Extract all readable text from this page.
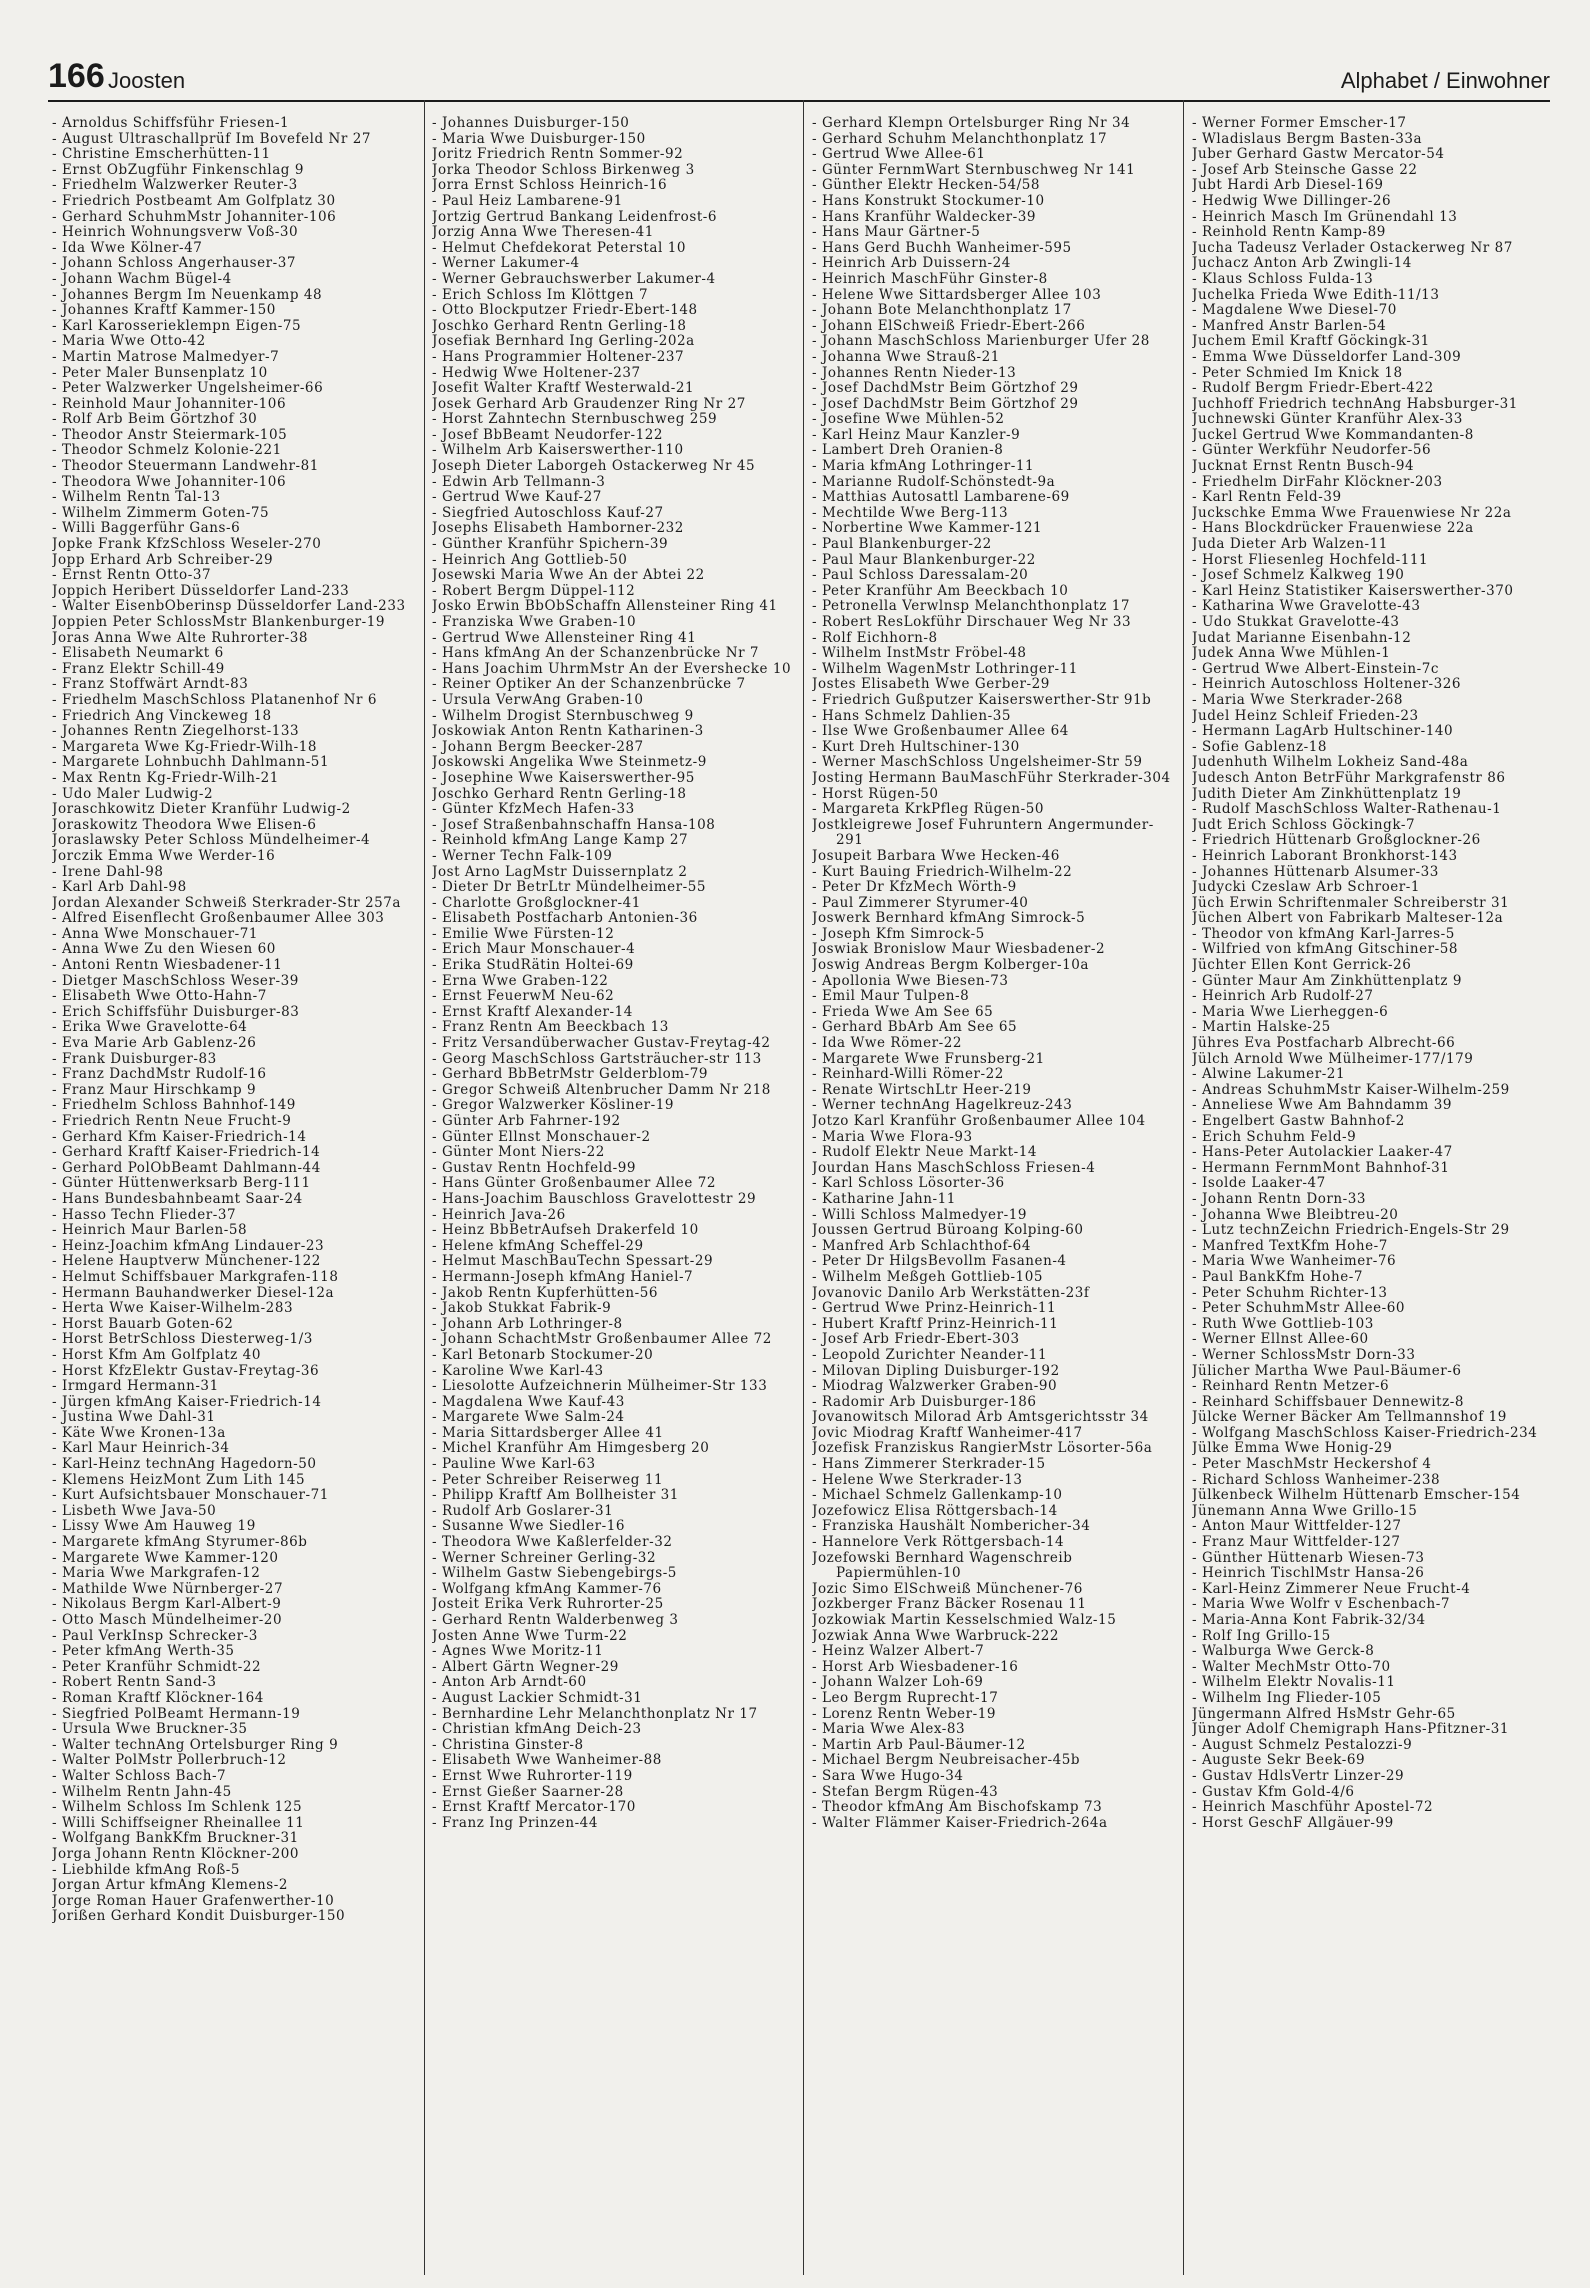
166 Joosten	Alphabet / Einwohner
- Arnoldus Schiffsführ Friesen-1
- August Ultraschallprüf Im Bovefeld Nr 27
- Christine Emscherhütten-11
- Ernst ObZugführ Finkenschlag 9
- Friedhelm Walzwerker Reuter-3
- Friedrich Postbeamt Am Golfplatz 30
- Gerhard SchuhmMstr Johanniter-106
- Heinrich Wohnungsverw Voß-30
- Ida Wwe Kölner-47
- Johann Schloss Angerhauser-37
- Johann Wachm Bügel-4
- Johannes Bergm Im Neuenkamp 48
- Johannes Kraftf Kammer-150
- Karl Karosserieklempn Eigen-75
- Maria Wwe Otto-42
- Martin Matrose Malmedyer-7
- Peter Maler Bunsenplatz 10
- Peter Walzwerker Ungelsheimer-66
- Reinhold Maur Johanniter-106
- Rolf Arb Beim Görtzhof 30
- Theodor Anstr Steiermark-105
- Theodor Schmelz Kolonie-221
- Theodor Steuermann Landwehr-81
- Theodora Wwe Johanniter-106
- Wilhelm Rentn Tal-13
- Wilhelm Zimmerm Goten-75
- Willi Baggerführ Gans-6
Jopke Frank KfzSchloss Weseler-270
Jopp Erhard Arb Schreiber-29
- Ernst Rentn Otto-37
Joppich Heribert Düsseldorfer Land-233
- Walter EisenbOberinsp Düsseldorfer Land-233
Joppien Peter SchlossMstr Blankenburger-19
Joras Anna Wwe Alte Ruhrorter-38
- Elisabeth Neumarkt 6
- Franz Elektr Schill-49
- Franz Stoffwärt Arndt-83
- Friedhelm MaschSchloss Platanenhof Nr 6
- Friedrich Ang Vinckeweg 18
- Johannes Rentn Ziegelhorst-133
- Margareta Wwe Kg-Friedr-Wilh-18
- Margarete Lohnbuchh Dahlmann-51
- Max Rentn Kg-Friedr-Wilh-21
- Udo Maler Ludwig-2
Joraschkowitz Dieter Kranführ Ludwig-2
Joraskowitz Theodora Wwe Elisen-6
Joraslawsky Peter Schloss Mündelheimer-4
Jorczik Emma Wwe Werder-16
- Irene Dahl-98
- Karl Arb Dahl-98
Jordan Alexander Schweiß Sterkrader-Str 257a
- Alfred Eisenflecht Großenbaumer Allee 303
- Anna Wwe Monschauer-71
- Anna Wwe Zu den Wiesen 60
- Antoni Rentn Wiesbadener-11
- Dietger MaschSchloss Weser-39
- Elisabeth Wwe Otto-Hahn-7
- Erich Schiffsführ Duisburger-83
- Erika Wwe Gravelotte-64
- Eva Marie Arb Gablenz-26
- Frank Duisburger-83
- Franz DachdMstr Rudolf-16
- Franz Maur Hirschkamp 9
- Friedhelm Schloss Bahnhof-149
- Friedrich Rentn Neue Frucht-9
- Gerhard Kfm Kaiser-Friedrich-14
- Gerhard Kraftf Kaiser-Friedrich-14
- Gerhard PolObBeamt Dahlmann-44
- Günter Hüttenwerksarb Berg-111
- Hans Bundesbahnbeamt Saar-24
- Hasso Techn Flieder-37
- Heinrich Maur Barlen-58
- Heinz-Joachim kfmAng Lindauer-23
- Helene Hauptverw Münchener-122
- Helmut Schiffsbauer Markgrafen-118
- Hermann Bauhandwerker Diesel-12a
- Herta Wwe Kaiser-Wilhelm-283
- Horst Bauarb Goten-62
- Horst BetrSchloss Diesterweg-1/3
- Horst Kfm Am Golfplatz 40
- Horst KfzElektr Gustav-Freytag-36
- Irmgard Hermann-31
- Jürgen kfmAng Kaiser-Friedrich-14
- Justina Wwe Dahl-31
- Käte Wwe Kronen-13a
- Karl Maur Heinrich-34
- Karl-Heinz technAng Hagedorn-50
- Klemens HeizMont Zum Lith 145
- Kurt Aufsichtsbauer Monschauer-71
- Lisbeth Wwe Java-50
- Lissy Wwe Am Hauweg 19
- Margarete kfmAng Styrumer-86b
- Margarete Wwe Kammer-120
- Maria Wwe Markgrafen-12
- Mathilde Wwe Nürnberger-27
- Nikolaus Bergm Karl-Albert-9
- Otto Masch Mündelheimer-20
- Paul VerkInsp Schrecker-3
- Peter kfmAng Werth-35
- Peter Kranführ Schmidt-22
- Robert Rentn Sand-3
- Roman Kraftf Klöckner-164
- Siegfried PolBeamt Hermann-19
- Ursula Wwe Bruckner-35
- Walter technAng Ortelsburger Ring 9
- Walter PolMstr Pollerbruch-12
- Walter Schloss Bach-7
- Wilhelm Rentn Jahn-45
- Wilhelm Schloss Im Schlenk 125
- Willi Schiffseigner Rheinallee 11
- Wolfgang BankKfm Bruckner-31
Jorga Johann Rentn Klöckner-200
- Liebhilde kfmAng Roß-5
Jorgan Artur kfmAng Klemens-2
Jorge Roman Hauer Grafenwerther-10
Jorißen Gerhard Kondit Duisburger-150
- Johannes Duisburger-150
- Maria Wwe Duisburger-150
Joritz Friedrich Rentn Sommer-92
Jorka Theodor Schloss Birkenweg 3
Jorra Ernst Schloss Heinrich-16
- Paul Heiz Lambarene-91
Jortzig Gertrud Bankang Leidenfrost-6
Jorzig Anna Wwe Theresen-41
- Helmut Chefdekorat Peterstal 10
- Werner Lakumer-4
- Werner Gebrauchswerber Lakumer-4
- Erich Schloss Im Klöttgen 7
- Otto Blockputzer Friedr-Ebert-148
Joschko Gerhard Rentn Gerling-18
Josefiak Bernhard Ing Gerling-202a
- Hans Programmier Holtener-237
- Hedwig Wwe Holtener-237
Josefit Walter Kraftf Westerwald-21
Josek Gerhard Arb Graudenzer Ring Nr 27
- Horst Zahntechn Sternbuschweg 259
- Josef BbBeamt Neudorfer-122
- Wilhelm Arb Kaiserswerther-110
Joseph Dieter Laborgeh Ostackerweg Nr 45
- Edwin Arb Tellmann-3
- Gertrud Wwe Kauf-27
- Siegfried Autoschloss Kauf-27
Josephs Elisabeth Hamborner-232
- Günther Kranführ Spichern-39
- Heinrich Ang Gottlieb-50
Josewski Maria Wwe An der Abtei 22
- Robert Bergm Düppel-112
Josko Erwin BbObSchaffn Allensteiner Ring 41
- Franziska Wwe Graben-10
- Gertrud Wwe Allensteiner Ring 41
- Hans kfmAng An der Schanzenbrücke Nr 7
- Hans Joachim UhrmMstr An der Evershecke 10
- Reiner Optiker An der Schanzenbrücke 7
- Ursula VerwAng Graben-10
- Wilhelm Drogist Sternbuschweg 9
Joskowiak Anton Rentn Katharinen-3
- Johann Bergm Beecker-287
Joskowski Angelika Wwe Steinmetz-9
- Josephine Wwe Kaiserswerther-95
Joschko Gerhard Rentn Gerling-18
- Günter KfzMech Hafen-33
- Josef Straßenbahnschaffn Hansa-108
- Reinhold kfmAng Lange Kamp 27
- Werner Techn Falk-109
Jost Arno LagMstr Duissernplatz 2
- Dieter Dr BetrLtr Mündelheimer-55
- Charlotte Großglockner-41
- Elisabeth Postfacharb Antonien-36
- Emilie Wwe Fürsten-12
- Erich Maur Monschauer-4
- Erika StudRätin Holtei-69
- Erna Wwe Graben-122
- Ernst FeuerwM Neu-62
- Ernst Kraftf Alexander-14
- Franz Rentn Am Beeckbach 13
- Fritz Versandüberwacher Gustav-Freytag-42
- Georg MaschSchloss Gartsträucher-str 113
- Gerhard BbBetrMstr Gelderblom-79
- Gregor Schweiß Altenbrucher Damm Nr 218
- Gregor Walzwerker Kösliner-19
- Günter Arb Fahrner-192
- Günter Ellnst Monschauer-2
- Günter Mont Niers-22
- Gustav Rentn Hochfeld-99
- Hans Günter Großenbaumer Allee 72
- Hans-Joachim Bauschloss Gravelottestr 29
- Heinrich Java-26
- Heinz BbBetrAufseh Drakerfeld 10
- Helene kfmAng Scheffel-29
- Helmut MaschBauTechn Spessart-29
- Hermann-Joseph kfmAng Haniel-7
- Jakob Rentn Kupferhütten-56
- Jakob Stukkat Fabrik-9
- Johann Arb Lothringer-8
- Johann SchachtMstr Großenbaumer Allee 72
- Karl Betonarb Stockumer-20
- Karoline Wwe Karl-43
- Liesolotte Aufzeichnerin Mülheimer-Str 133
- Magdalena Wwe Kauf-43
- Margarete Wwe Salm-24
- Maria Sittardsberger Allee 41
- Michel Kranführ Am Himgesberg 20
- Pauline Wwe Karl-63
- Peter Schreiber Reiserweg 11
- Philipp Kraftf Am Bollheister 31
- Rudolf Arb Goslarer-31
- Susanne Wwe Siedler-16
- Theodora Wwe Kaßlerfelder-32
- Werner Schreiner Gerling-32
- Wilhelm Gastw Siebengebirgs-5
- Wolfgang kfmAng Kammer-76
Josteit Erika Verk Ruhrorter-25
- Gerhard Rentn Walderbenweg 3
Josten Anne Wwe Turm-22
- Agnes Wwe Moritz-11
- Albert Gärtn Wegner-29
- Anton Arb Arndt-60
- August Lackier Schmidt-31
- Bernhardine Lehr Melanchthonplatz Nr 17
- Christian kfmAng Deich-23
- Christina Ginster-8
- Elisabeth Wwe Wanheimer-88
- Ernst Wwe Ruhrorter-119
- Ernst Gießer Saarner-28
- Ernst Kraftf Mercator-170
- Franz Ing Prinzen-44
- Gerhard Klempn Ortelsburger Ring Nr 34
- Gerhard Schuhm Melanchthonplatz 17
- Gertrud Wwe Allee-61
- Günter FernmWart Sternbuschweg Nr 141
- Günther Elektr Hecken-54/58
- Hans Konstrukt Stockumer-10
- Hans Kranführ Waldecker-39
- Hans Maur Gärtner-5
- Hans Gerd Buchh Wanheimer-595
- Heinrich Arb Duissern-24
- Heinrich MaschFühr Ginster-8
- Helene Wwe Sittardsberger Allee 103
- Johann Bote Melanchthonplatz 17
- Johann ElSchweiß Friedr-Ebert-266
- Johann MaschSchloss Marienburger Ufer 28
- Johanna Wwe Strauß-21
- Johannes Rentn Nieder-13
- Josef DachdMstr Beim Görtzhof 29
- Josef DachdMstr Beim Görtzhof 29
- Josefine Wwe Mühlen-52
- Karl Heinz Maur Kanzler-9
- Lambert Dreh Oranien-8
- Maria kfmAng Lothringer-11
- Marianne Rudolf-Schönstedt-9a
- Matthias Autosattl Lambarene-69
- Mechtilde Wwe Berg-113
- Norbertine Wwe Kammer-121
- Paul Blankenburger-22
- Paul Maur Blankenburger-22
- Paul Schloss Daressalam-20
- Peter Kranführ Am Beeckbach 10
- Petronella Verwlnsp Melanchthonplatz 17
- Robert ResLokführ Dirschauer Weg Nr 33
- Rolf Eichhorn-8
- Wilhelm InstMstr Fröbel-48
- Wilhelm WagenMstr Lothringer-11
Jostes Elisabeth Wwe Gerber-29
- Friedrich Gußputzer Kaiserswerther-Str 91b
- Hans Schmelz Dahlien-35
- Ilse Wwe Großenbaumer Allee 64
- Kurt Dreh Hultschiner-130
- Werner MaschSchloss Ungelsheimer-Str 59
Josting Hermann BauMaschFühr Sterkrader-304
- Horst Rügen-50
- Margareta KrkPfleg Rügen-50
Jostkleigrewe Josef Fuhruntern Angermunder-291
Josupeit Barbara Wwe Hecken-46
- Kurt Bauing Friedrich-Wilhelm-22
- Peter Dr KfzMech Wörth-9
- Paul Zimmerer Styrumer-40
Joswerk Bernhard kfmAng Simrock-5
- Joseph Kfm Simrock-5
Joswiak Bronislow Maur Wiesbadener-2
Joswig Andreas Bergm Kolberger-10a
- Apollonia Wwe Biesen-73
- Emil Maur Tulpen-8
- Frieda Wwe Am See 65
- Gerhard BbArb Am See 65
- Ida Wwe Römer-22
- Margarete Wwe Frunsberg-21
- Reinhard-Willi Römer-22
- Renate WirtschLtr Heer-219
- Werner technAng Hagelkreuz-243
Jotzo Karl Kranführ Großenbaumer Allee 104
- Maria Wwe Flora-93
- Rudolf Elektr Neue Markt-14
Jourdan Hans MaschSchloss Friesen-4
- Karl Schloss Lösorter-36
- Katharine Jahn-11
- Willi Schloss Malmedyer-19
Joussen Gertrud Büroang Kolping-60
- Manfred Arb Schlachthof-64
- Peter Dr HilgsBevollm Fasanen-4
- Wilhelm Meßgeh Gottlieb-105
Jovanovic Danilo Arb Werkstätten-23f
- Gertrud Wwe Prinz-Heinrich-11
- Hubert Kraftf Prinz-Heinrich-11
- Josef Arb Friedr-Ebert-303
- Leopold Zurichter Neander-11
- Milovan Dipling Duisburger-192
- Miodrag Walzwerker Graben-90
- Radomir Arb Duisburger-186
Jovanowitsch Milorad Arb Amtsgerichtsstr 34
Jovic Miodrag Kraftf Wanheimer-417
Jozefisk Franziskus RangierMstr Lösorter-56a
- Hans Zimmerer Sterkrader-15
- Helene Wwe Sterkrader-13
- Michael Schmelz Gallenkamp-10
Jozefowicz Elisa Röttgersbach-14
- Franziska Haushält Nombericher-34
- Hannelore Verk Röttgersbach-14
Jozefowski Bernhard Wagenschreib Papiermühlen-10
Jozic Simo ElSchweiß Münchener-76
Jozkberger Franz Bäcker Rosenau 11
Jozkowiak Martin Kesselschmied Walz-15
Jozwiak Anna Wwe Warbruck-222
- Heinz Walzer Albert-7
- Horst Arb Wiesbadener-16
- Johann Walzer Loh-69
- Leo Bergm Ruprecht-17
- Lorenz Rentn Weber-19
- Maria Wwe Alex-83
- Martin Arb Paul-Bäumer-12
- Michael Bergm Neubreisacher-45b
- Sara Wwe Hugo-34
- Stefan Bergm Rügen-43
- Theodor kfmAng Am Bischofskamp 73
- Walter Flämmer Kaiser-Friedrich-264a
- Werner Former Emscher-17
- Wladislaus Bergm Basten-33a
Juber Gerhard Gastw Mercator-54
- Josef Arb Steinsche Gasse 22
Jubt Hardi Arb Diesel-169
- Hedwig Wwe Dillinger-26
- Heinrich Masch Im Grünendahl 13
- Reinhold Rentn Kamp-89
Jucha Tadeusz Verlader Ostackerweg Nr 87
Juchacz Anton Arb Zwingli-14
- Klaus Schloss Fulda-13
Juchelka Frieda Wwe Edith-11/13
- Magdalene Wwe Diesel-70
- Manfred Anstr Barlen-54
Juchem Emil Kraftf Göckingk-31
- Emma Wwe Düsseldorfer Land-309
- Peter Schmied Im Knick 18
- Rudolf Bergm Friedr-Ebert-422
Juchhoff Friedrich technAng Habsburger-31
Juchnewski Günter Kranführ Alex-33
Juckel Gertrud Wwe Kommandanten-8
- Günter Werkführ Neudorfer-56
Jucknat Ernst Rentn Busch-94
- Friedhelm DirFahr Klöckner-203
- Karl Rentn Feld-39
Juckschke Emma Wwe Frauenwiese Nr 22a
- Hans Blockdrücker Frauenwiese 22a
Juda Dieter Arb Walzen-11
- Horst Fliesenleg Hochfeld-111
- Josef Schmelz Kalkweg 190
- Karl Heinz Statistiker Kaiserswerther-370
- Katharina Wwe Gravelotte-43
- Udo Stukkat Gravelotte-43
Judat Marianne Eisenbahn-12
Judek Anna Wwe Mühlen-1
- Gertrud Wwe Albert-Einstein-7c
- Heinrich Autoschloss Holtener-326
- Maria Wwe Sterkrader-268
Judel Heinz Schleif Frieden-23
- Hermann LagArb Hultschiner-140
- Sofie Gablenz-18
Judenhuth Wilhelm Lokheiz Sand-48a
Judesch Anton BetrFühr Markgrafenstr 86
Judith Dieter Am Zinkhüttenplatz 19
- Rudolf MaschSchloss Walter-Rathenau-1
Judt Erich Schloss Göckingk-7
- Friedrich Hüttenarb Großglockner-26
- Heinrich Laborant Bronkhorst-143
- Johannes Hüttenarb Alsumer-33
Judycki Czeslaw Arb Schroer-1
Jüch Erwin Schriftenmaler Schreiberstr 31
Jüchen Albert von Fabrikarb Malteser-12a
- Theodor von kfmAng Karl-Jarres-5
- Wilfried von kfmAng Gitschiner-58
Jüchter Ellen Kont Gerrick-26
- Günter Maur Am Zinkhüttenplatz 9
- Heinrich Arb Rudolf-27
- Maria Wwe Lierheggen-6
- Martin Halske-25
Jühres Eva Postfacharb Albrecht-66
Jülch Arnold Wwe Mülheimer-177/179
- Alwine Lakumer-21
- Andreas SchuhmMstr Kaiser-Wilhelm-259
- Anneliese Wwe Am Bahndamm 39
- Engelbert Gastw Bahnhof-2
- Erich Schuhm Feld-9
- Hans-Peter Autolackier Laaker-47
- Hermann FernmMont Bahnhof-31
- Isolde Laaker-47
- Johann Rentn Dorn-33
- Johanna Wwe Bleibtreu-20
- Lutz technZeichn Friedrich-Engels-Str 29
- Manfred TextKfm Hohe-7
- Maria Wwe Wanheimer-76
- Paul BankKfm Hohe-7
- Peter Schuhm Richter-13
- Peter SchuhmMstr Allee-60
- Ruth Wwe Gottlieb-103
- Werner Ellnst Allee-60
- Werner SchlossMstr Dorn-33
Jülicher Martha Wwe Paul-Bäumer-6
- Reinhard Rentn Metzer-6
- Reinhard Schiffsbauer Dennewitz-8
Jülcke Werner Bäcker Am Tellmannshof 19
- Wolfgang MaschSchloss Kaiser-Friedrich-234
Jülke Emma Wwe Honig-29
- Peter MaschMstr Heckershof 4
- Richard Schloss Wanheimer-238
Jülkenbeck Wilhelm Hüttenarb Emscher-154
Jünemann Anna Wwe Grillo-15
- Anton Maur Wittfelder-127
- Franz Maur Wittfelder-127
- Günther Hüttenarb Wiesen-73
- Heinrich TischlMstr Hansa-26
- Karl-Heinz Zimmerer Neue Frucht-4
- Maria Wwe Wolfr v Eschenbach-7
- Maria-Anna Kont Fabrik-32/34
- Rolf Ing Grillo-15
- Walburga Wwe Gerck-8
- Walter MechMstr Otto-70
- Wilhelm Elektr Novalis-11
- Wilhelm Ing Flieder-105
Jüngermann Alfred HsMstr Gehr-65
Jünger Adolf Chemigraph Hans-Pfitzner-31
- August Schmelz Pestalozzi-9
- Auguste Sekr Beek-69
- Gustav HdlsVertr Linzer-29
- Gustav Kfm Gold-4/6
- Heinrich Maschführ Apostel-72
- Horst GeschF Allgäuer-99
